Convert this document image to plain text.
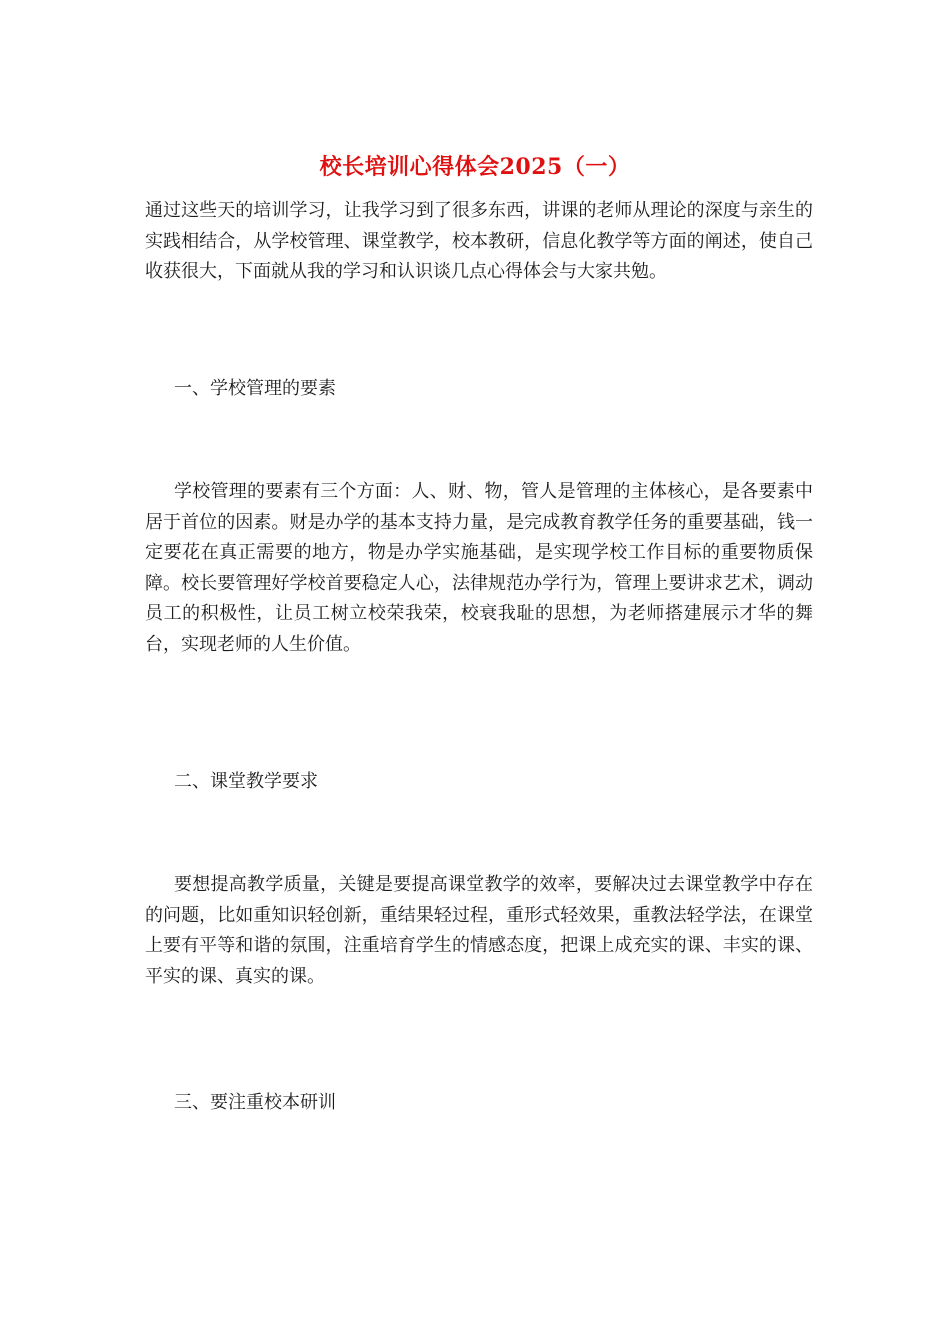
校长培训心得体会2025（一）

通过这些天的培训学习，让我学习到了很多东西，讲课的老师从理论的深度与亲生的实践相结合，从学校管理、课堂教学，校本教研，信息化教学等方面的阐述，使自己收获很大，下面就从我的学习和认识谈几点心得体会与大家共勉。

一、学校管理的要素

学校管理的要素有三个方面：人、财、物，管人是管理的主体核心，是各要素中居于首位的因素。财是办学的基本支持力量，是完成教育教学任务的重要基础，钱一定要花在真正需要的地方，物是办学实施基础，是实现学校工作目标的重要物质保障。校长要管理好学校首要稳定人心，法律规范办学行为，管理上要讲求艺术，调动员工的积极性，让员工树立校荣我荣，校衰我耻的思想，为老师搭建展示才华的舞台，实现老师的人生价值。

二、课堂教学要求

要想提高教学质量，关键是要提高课堂教学的效率，要解决过去课堂教学中存在的问题，比如重知识轻创新，重结果轻过程，重形式轻效果，重教法轻学法，在课堂上要有平等和谐的氛围，注重培育学生的情感态度，把课上成充实的课、丰实的课、平实的课、真实的课。

三、要注重校本研训
